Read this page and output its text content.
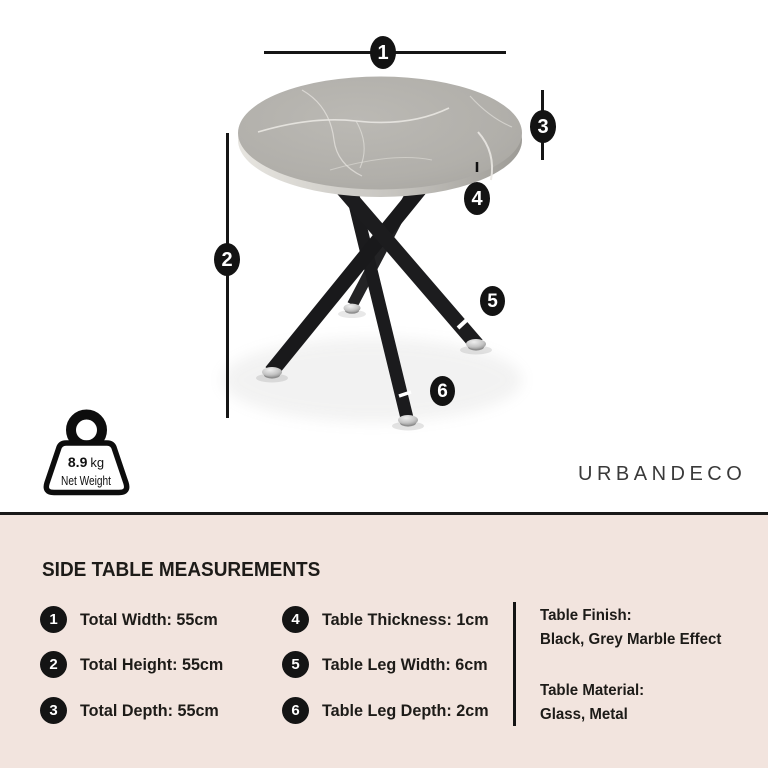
8.9 kg
Net Weight
1
2
3
4
5
6
URBANDECO
SIDE TABLE MEASUREMENTS
1	Total Width: 55cm
2	Total Height: 55cm
3	Total Depth: 55cm
4	Table Thickness: 1cm
5	Table Leg Width: 6cm
6	Table Leg Depth: 2cm
Table Finish:
Black, Grey Marble Effect
Table Material:
Glass, Metal
